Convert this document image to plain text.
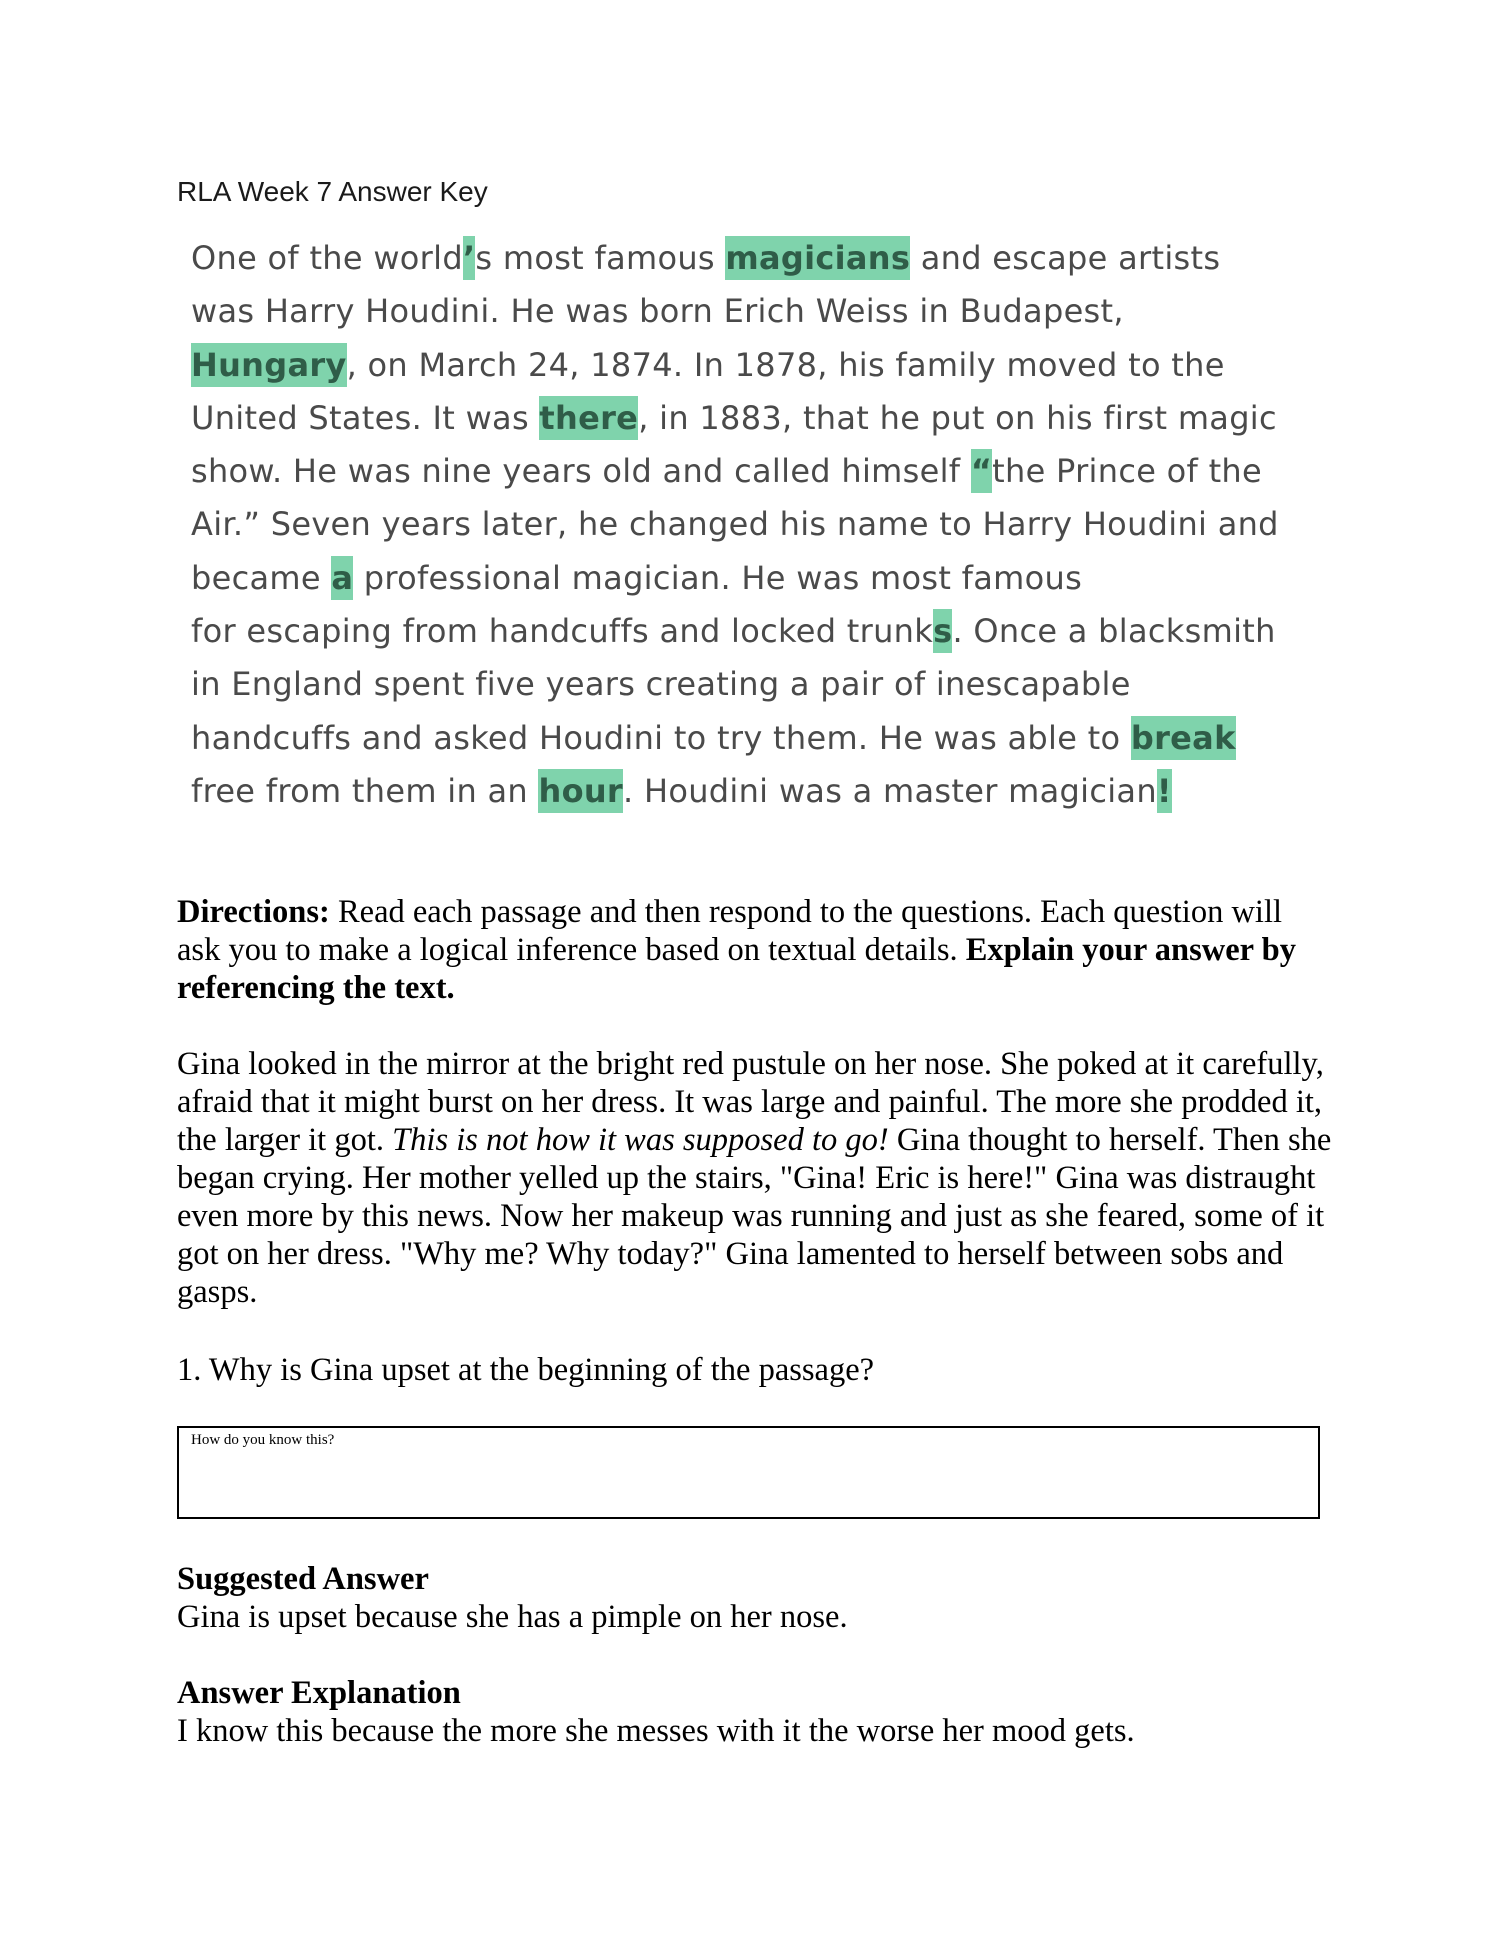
RLA Week 7 Answer Key
One of the world’s most famous magicians and escape artists
was Harry Houdini. He was born Erich Weiss in Budapest,
Hungary, on March 24, 1874. In 1878, his family moved to the
United States. It was there, in 1883, that he put on his first magic
show. He was nine years old and called himself “the Prince of the
Air.” Seven years later, he changed his name to Harry Houdini and
became a professional magician. He was most famous
for escaping from handcuffs and locked trunks. Once a blacksmith
in England spent five years creating a pair of inescapable
handcuffs and asked Houdini to try them. He was able to break
free from them in an hour. Houdini was a master magician!
Directions: Read each passage and then respond to the questions. Each question will ask you to make a logical inference based on textual details. Explain your answer by referencing the text.
Gina looked in the mirror at the bright red pustule on her nose. She poked at it carefully, afraid that it might burst on her dress. It was large and painful. The more she prodded it, the larger it got. This is not how it was supposed to go! Gina thought to herself. Then she began crying. Her mother yelled up the stairs, "Gina! Eric is here!" Gina was distraught even more by this news. Now her makeup was running and just as she feared, some of it got on her dress. "Why me? Why today?" Gina lamented to herself between sobs and gasps.
1. Why is Gina upset at the beginning of the passage?
How do you know this?
Suggested Answer
Gina is upset because she has a pimple on her nose.
Answer Explanation
I know this because the more she messes with it the worse her mood gets.
